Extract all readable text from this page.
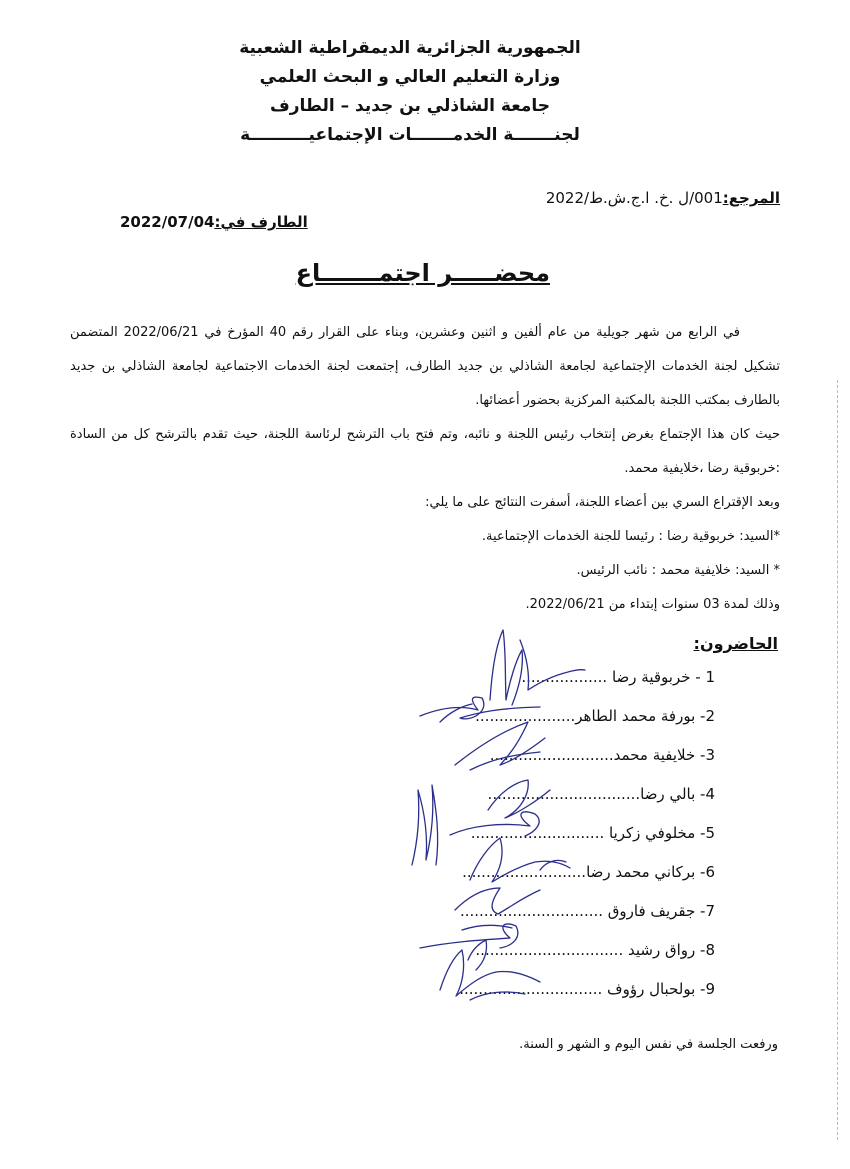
الجمهورية الجزائرية الديمقراطية الشعبية
وزارة التعليم العالي و البحث العلمي
جامعة الشاذلي بن جديد – الطارف
لجنـــــــة الخدمـــــــات الإجتماعيــــــــــة
المرجع:001/ل .خ. ا.ج.ش.ط/2022
الطارف في:2022/07/04
محضـــــر اجتمـــــــاع

في الرابع من شهر جويلية من عام ألفين و اثنين وعشرين، وبناء على القرار رقم 40 المؤرخ في 2022/06/21 المتضمن تشكيل لجنة الخدمات الإجتماعية لجامعة الشاذلي بن جديد الطارف، إجتمعت لجنة الخدمات الاجتماعية لجامعة الشاذلي بن جديد بالطارف بمكتب اللجنة بالمكتبة المركزية بحضور أعضائها.

حيث كان هذا الإجتماع بغرض إنتخاب رئيس اللجنة و نائبه، وتم فتح باب الترشح لرئاسة اللجنة، حيث تقدم بالترشح كل من السادة :خربوقية رضا ،خلايفية محمد.

وبعد الإقتراع السري بين أعضاء اللجنة، أسفرت النتائج على ما يلي:

*السيد: خربوقية رضا : رئيسا للجنة الخدمات الإجتماعية.

* السيد: خلايفية محمد : نائب الرئيس.

وذلك لمدة 03 سنوات إبتداء من 2022/06/21.

الحاضرون:
1 - خربوقية رضا ..................
2- بورفة محمد الطاهر.....................
3- خلايفية محمد..........................
4- بالي رضا................................
5- مخلوفي زكريا ............................
6- بركاني محمد رضا..........................
7- جقريف فاروق ..............................
8- رواق رشيد ...............................
9- بولحبال رؤوف ..............................
ورفعت الجلسة في نفس اليوم و الشهر و السنة.
